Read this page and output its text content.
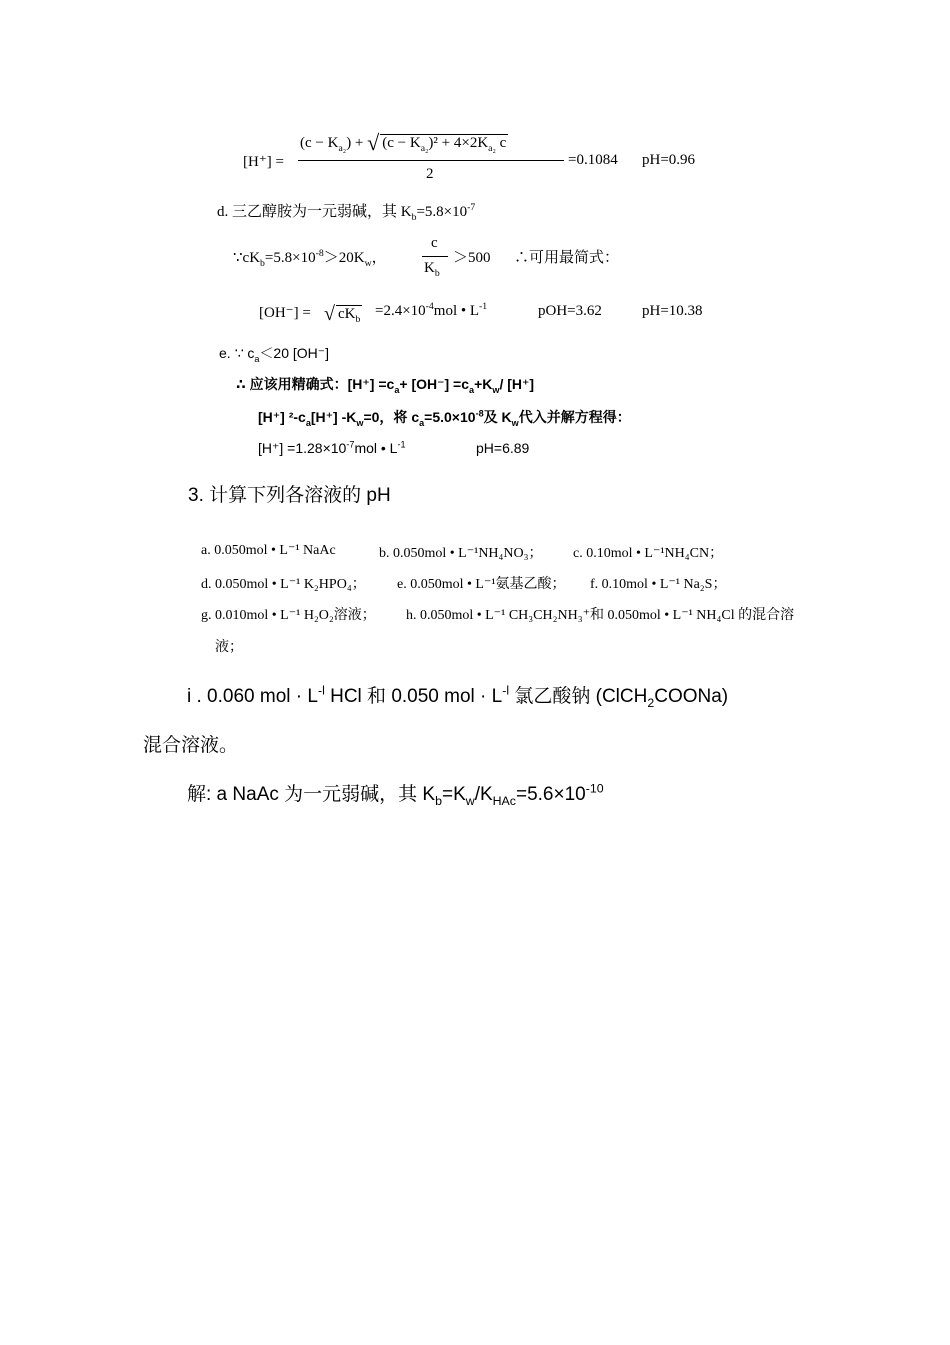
[H⁺] =
$(c - K_{a_2})$ + √ $(c - K_{a_2})^2 + 4\times 2K_{a_2}$ c
2
=0.1084 pH=0.96
d. 三乙醇胺为一元弱碱，其 $K_b=5.8\times 10^{-7}$
$\because cK_b=5.8\times 10^{-8}>20K_w$，
c
$K_b$
＞500 ∴可用最简式：
[OH⁻] = √ $cK_b$
$=2.4\times 10^{-4}mol$ • $L^{-1}$	pOH=3.62	pH=10.38
e. ∵ $c_a<20$ [OH⁻]
∴ 应该用精确式：$[H^+] =c_a+ [OH^-] =c_a+K_w/$ [H⁺]
[H⁺] $^2-c_a[H^+]$ $-K_w=0$，将 $c_a=5.0\times 10^{-8}$及 $K_w$代入并解方程得：
$[H^+] =1.28\times 10^{-7}mol$ • $L^{-1}$	pH=6.89
3. 计算下列各溶液的 pH
a. 0.050mol • L⁻¹ NaAc	b. 0.050mol • L⁻¹NH₄NO₃； c. 0.10mol • L⁻¹NH₄CN；
d. 0.050mol • L⁻¹ K₂HPO₄； e. 0.050mol • L⁻¹氨基乙酸； f. 0.10mol • L⁻¹ Na₂S；
g. 0.010mol • L⁻¹ H₂O₂溶液； h. 0.050mol • L⁻¹ CH₃CH₂NH₃⁺和 0.050mol • L⁻¹ NH₄Cl 的混合溶
液；
i . 0.060 mol · $L^{-l}$ HCl 和 0.050 mol · $L^{-l}$ 氯乙酸钠 (ClCH$_2$COONa)
混合溶液。
解: a NaAc 为一元弱碱，其 $K_b=K_w/K_{HAc}=5.6\times 10^{-10}$
